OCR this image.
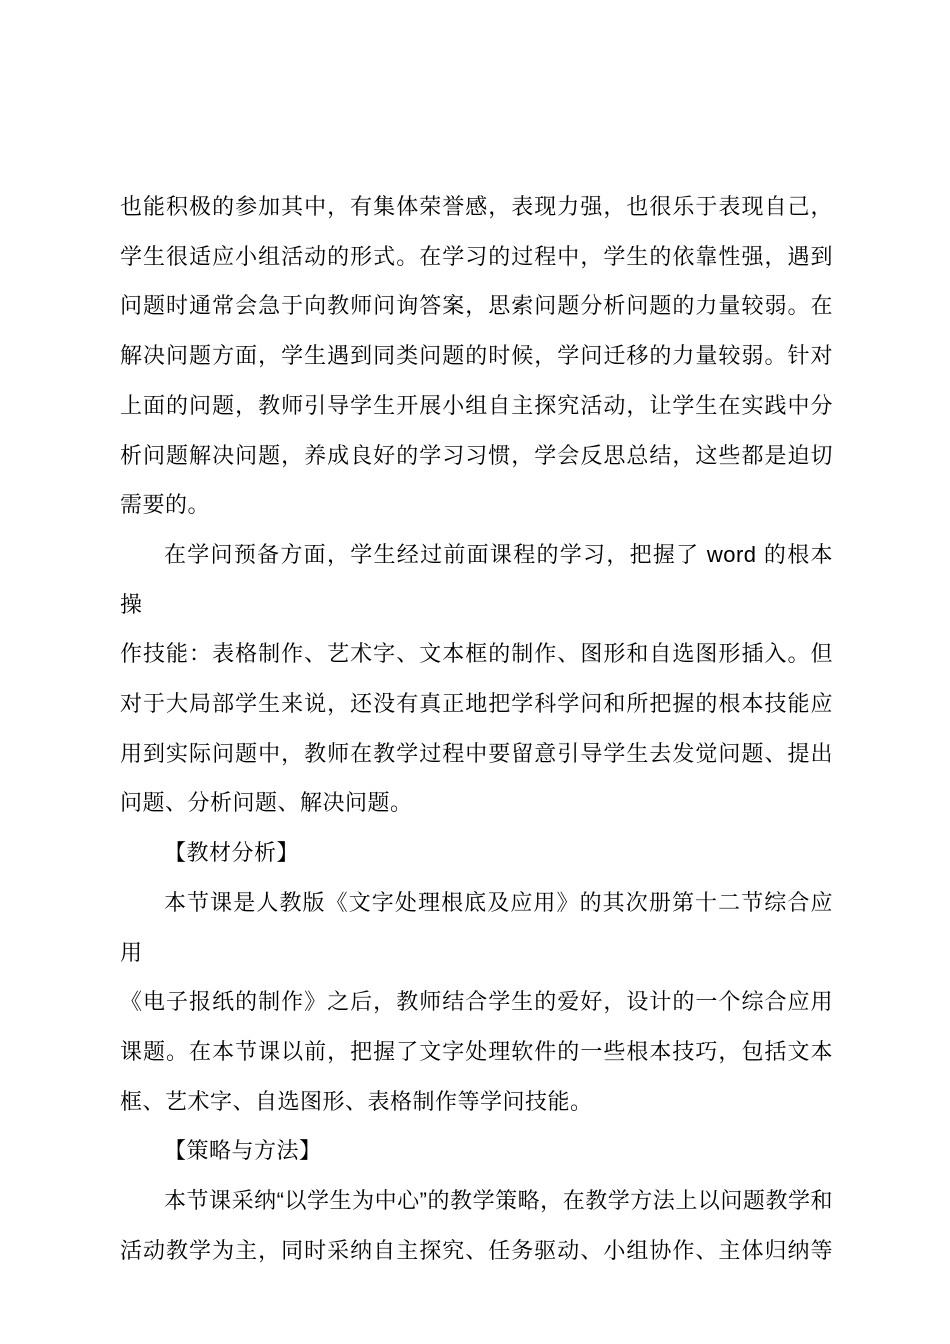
也能积极的参加其中，有集体荣誉感，表现力强，也很乐于表现自己，
学生很适应小组活动的形式。在学习的过程中，学生的依靠性强，遇到
问题时通常会急于向教师问询答案，思索问题分析问题的力量较弱。在
解决问题方面，学生遇到同类问题的时候，学问迁移的力量较弱。针对
上面的问题，教师引导学生开展小组自主探究活动，让学生在实践中分
析问题解决问题，养成良好的学习习惯，学会反思总结，这些都是迫切
需要的。
在学问预备方面，学生经过前面课程的学习，把握了 word 的根本操
作技能：表格制作、艺术字、文本框的制作、图形和自选图形插入。但
对于大局部学生来说，还没有真正地把学科学问和所把握的根本技能应
用到实际问题中，教师在教学过程中要留意引导学生去发觉问题、提出
问题、分析问题、解决问题。
【教材分析】
本节课是人教版《文字处理根底及应用》的其次册第十二节综合应用
《电子报纸的制作》之后，教师结合学生的爱好，设计的一个综合应用
课题。在本节课以前，把握了文字处理软件的一些根本技巧，包括文本
框、艺术字、自选图形、表格制作等学问技能。
【策略与方法】
本节课采纳“以学生为中心”的教学策略，在教学方法上以问题教学和
活动教学为主，同时采纳自主探究、任务驱动、小组协作、主体归纳等
